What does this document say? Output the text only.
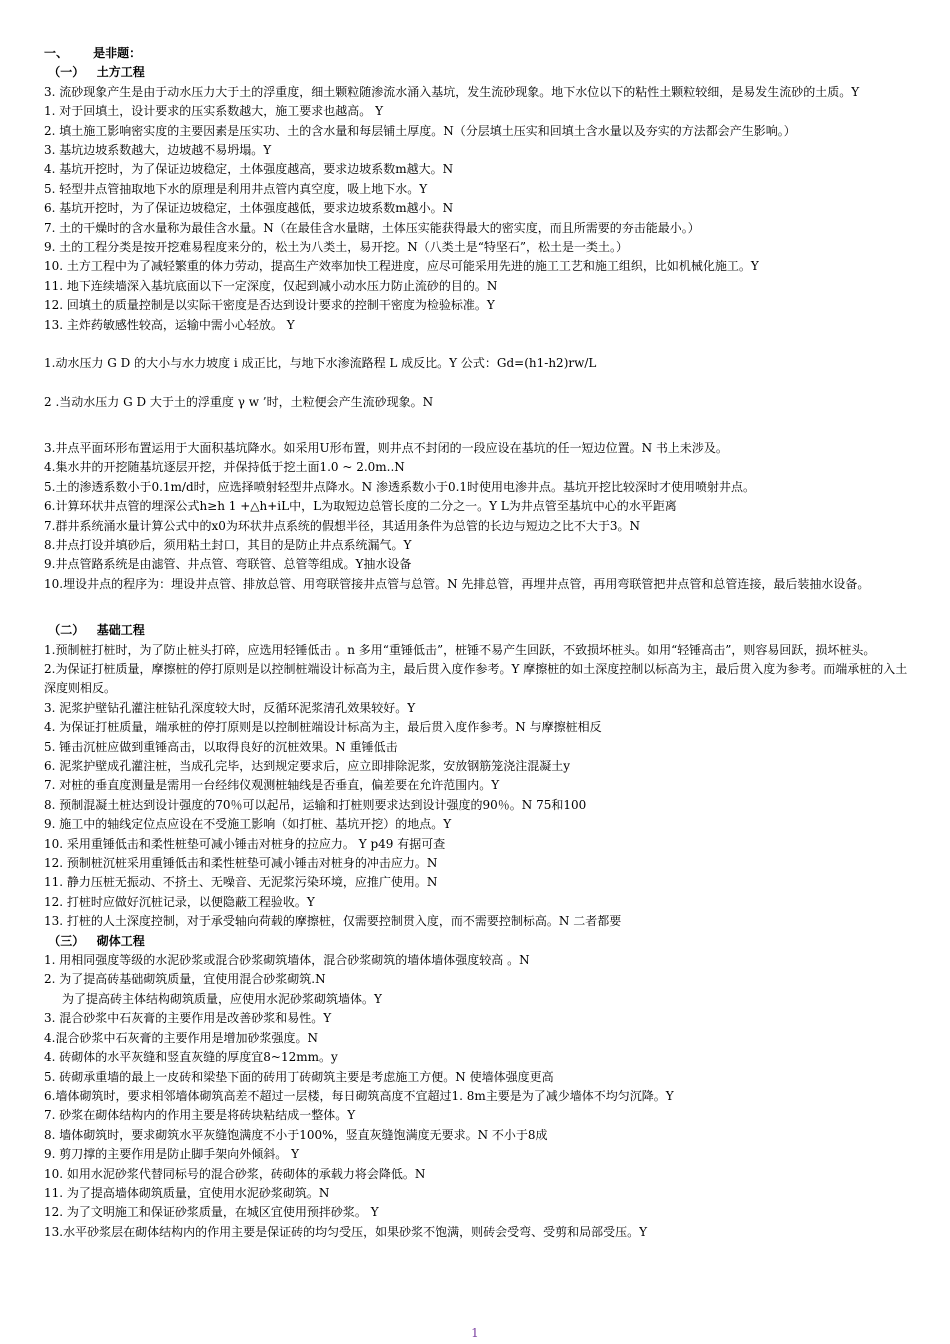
一、 是非题：

（一） 土方工程

3. 流砂现象产生是由于动水压力大于土的浮重度，细土颗粒随渗流水涌入基坑，发生流砂现象。地下水位以下的粘性土颗粒较细，是易发生流砂的土质。Y

1. 对于回填土，设计要求的压实系数越大，施工要求也越高。 Y

2. 填土施工影响密实度的主要因素是压实功、土的含水量和每层铺土厚度。N（分层填土压实和回填土含水量以及夯实的方法都会产生影响。）

3. 基坑边坡系数越大，边坡越不易坍塌。Y

4. 基坑开挖时，为了保证边坡稳定，土体强度越高，要求边坡系数m越大。N

5. 轻型井点管抽取地下水的原理是利用井点管内真空度，吸上地下水。Y

6. 基坑开挖时，为了保证边坡稳定，土体强度越低，要求边坡系数m越小。N

7. 土的干燥时的含水量称为最佳含水量。N（在最佳含水量瞎，土体压实能获得最大的密实度，而且所需要的夯击能最小。）

9. 土的工程分类是按开挖难易程度来分的，松土为八类土，易开挖。N（八类土是“特坚石”，松土是一类土。）

10. 土方工程中为了减轻繁重的体力劳动，提高生产效率加快工程进度，应尽可能采用先进的施工工艺和施工组织，比如机械化施工。Y

11. 地下连续墙深入基坑底面以下一定深度，仅起到减小动水压力防止流砂的目的。N

12. 回填土的质量控制是以实际干密度是否达到设计要求的控制干密度为检验标准。Y

13. 主炸药敏感性较高，运输中需小心轻放。 Y

1.动水压力 G D 的大小与水力坡度 i 成正比，与地下水渗流路程 L 成反比。Y 公式：Gd=(h1-h2)rw/L

2 .当动水压力 G D 大于土的浮重度 γ w ’时，土粒便会产生流砂现象。N

3.井点平面环形布置运用于大面积基坑降水。如采用U形布置，则井点不封闭的一段应设在基坑的任一短边位置。N 书上未涉及。

4.集水井的开挖随基坑逐层开挖，并保持低于挖土面1.0 ~ 2.0m..N

5.土的渗透系数小于0.1m/d时，应选择喷射轻型井点降水。N 渗透系数小于0.1时使用电渗井点。基坑开挖比较深时才使用喷射井点。

6.计算环状井点管的埋深公式h≥h 1 +△h+iL中，L为取短边总管长度的二分之一。Y L为井点管至基坑中心的水平距离

7.群井系统涌水量计算公式中的x0为环状井点系统的假想半径，其适用条件为总管的长边与短边之比不大于3。N

8.井点打设并填砂后，须用粘土封口，其目的是防止井点系统漏气。Y

9.井点管路系统是由滤管、井点管、弯联管、总管等组成。Y抽水设备

10.埋设井点的程序为：埋设井点管、排放总管、用弯联管接井点管与总管。N 先排总管，再埋井点管，再用弯联管把井点管和总管连接，最后装抽水设备。

（二） 基础工程

1.预制桩打桩时，为了防止桩头打碎，应选用轻锤低击 。n 多用“重锤低击”，桩锤不易产生回跃，不致损坏桩头。如用“轻锤高击”，则容易回跃，损坏桩头。

2.为保证打桩质量，摩擦桩的停打原则是以控制桩端设计标高为主，最后贯入度作参考。Y 摩擦桩的如土深度控制以标高为主，最后贯入度为参考。而端承桩的入土深度则相反。

3. 泥浆护壁钻孔灌注桩钻孔深度较大时，反循环泥浆清孔效果较好。Y

4. 为保证打桩质量，端承桩的停打原则是以控制桩端设计标高为主，最后贯入度作参考。N 与摩擦桩相反

5. 锤击沉桩应做到重锤高击，以取得良好的沉桩效果。N 重锤低击

6. 泥浆护壁成孔灌注桩，当成孔完毕，达到规定要求后，应立即排除泥浆，安放钢筋笼浇注混凝土y

7. 对桩的垂直度测量是需用一台经纬仪观测桩轴线是否垂直，偏差要在允许范围内。Y

8. 预制混凝土桩达到设计强度的70％可以起吊，运输和打桩则要求达到设计强度的90％。N 75和100

9. 施工中的轴线定位点应设在不受施工影响（如打桩、基坑开挖）的地点。Y

10. 采用重锤低击和柔性桩垫可减小锤击对桩身的拉应力。 Y p49 有据可查

12. 预制桩沉桩采用重锤低击和柔性桩垫可减小锤击对桩身的冲击应力。N

11. 静力压桩无振动、不挤土、无噪音、无泥浆污染环境，应推广使用。N

12. 打桩时应做好沉桩记录，以便隐蔽工程验收。Y

13. 打桩的人土深度控制，对于承受轴向荷载的摩擦桩，仅需要控制贯入度，而不需要控制标高。N 二者都要

（三） 砌体工程

1. 用相同强度等级的水泥砂浆或混合砂浆砌筑墙体，混合砂浆砌筑的墙体墙体强度较高 。N

2. 为了提高砖基础砌筑质量，宜使用混合砂浆砌筑.N

为了提高砖主体结构砌筑质量，应使用水泥砂浆砌筑墙体。Y

3. 混合砂浆中石灰膏的主要作用是改善砂浆和易性。Y

4.混合砂浆中石灰膏的主要作用是增加砂浆强度。N

4. 砖砌体的水平灰缝和竖直灰缝的厚度宜8~12mm。y

5. 砖砌承重墙的最上一皮砖和梁垫下面的砖用丁砖砌筑主要是考虑施工方便。N 使墙体强度更高

6.墙体砌筑时，要求相邻墙体砌筑高差不超过一层楼，每日砌筑高度不宜超过1. 8m主要是为了减少墙体不均匀沉降。Y

7. 砂浆在砌体结构内的作用主要是将砖块粘结成一整体。Y

8. 墙体砌筑时，要求砌筑水平灰缝饱满度不小于100%，竖直灰缝饱满度无要求。N 不小于8成

9. 剪刀撑的主要作用是防止脚手架向外倾斜。 Y

10. 如用水泥砂浆代替同标号的混合砂浆，砖砌体的承载力将会降低。N

11. 为了提高墙体砌筑质量，宜使用水泥砂浆砌筑。N

12. 为了文明施工和保证砂浆质量，在城区宜使用预拌砂浆。 Y

13.水平砂浆层在砌体结构内的作用主要是保证砖的均匀受压，如果砂浆不饱满，则砖会受弯、受剪和局部受压。Y

1
